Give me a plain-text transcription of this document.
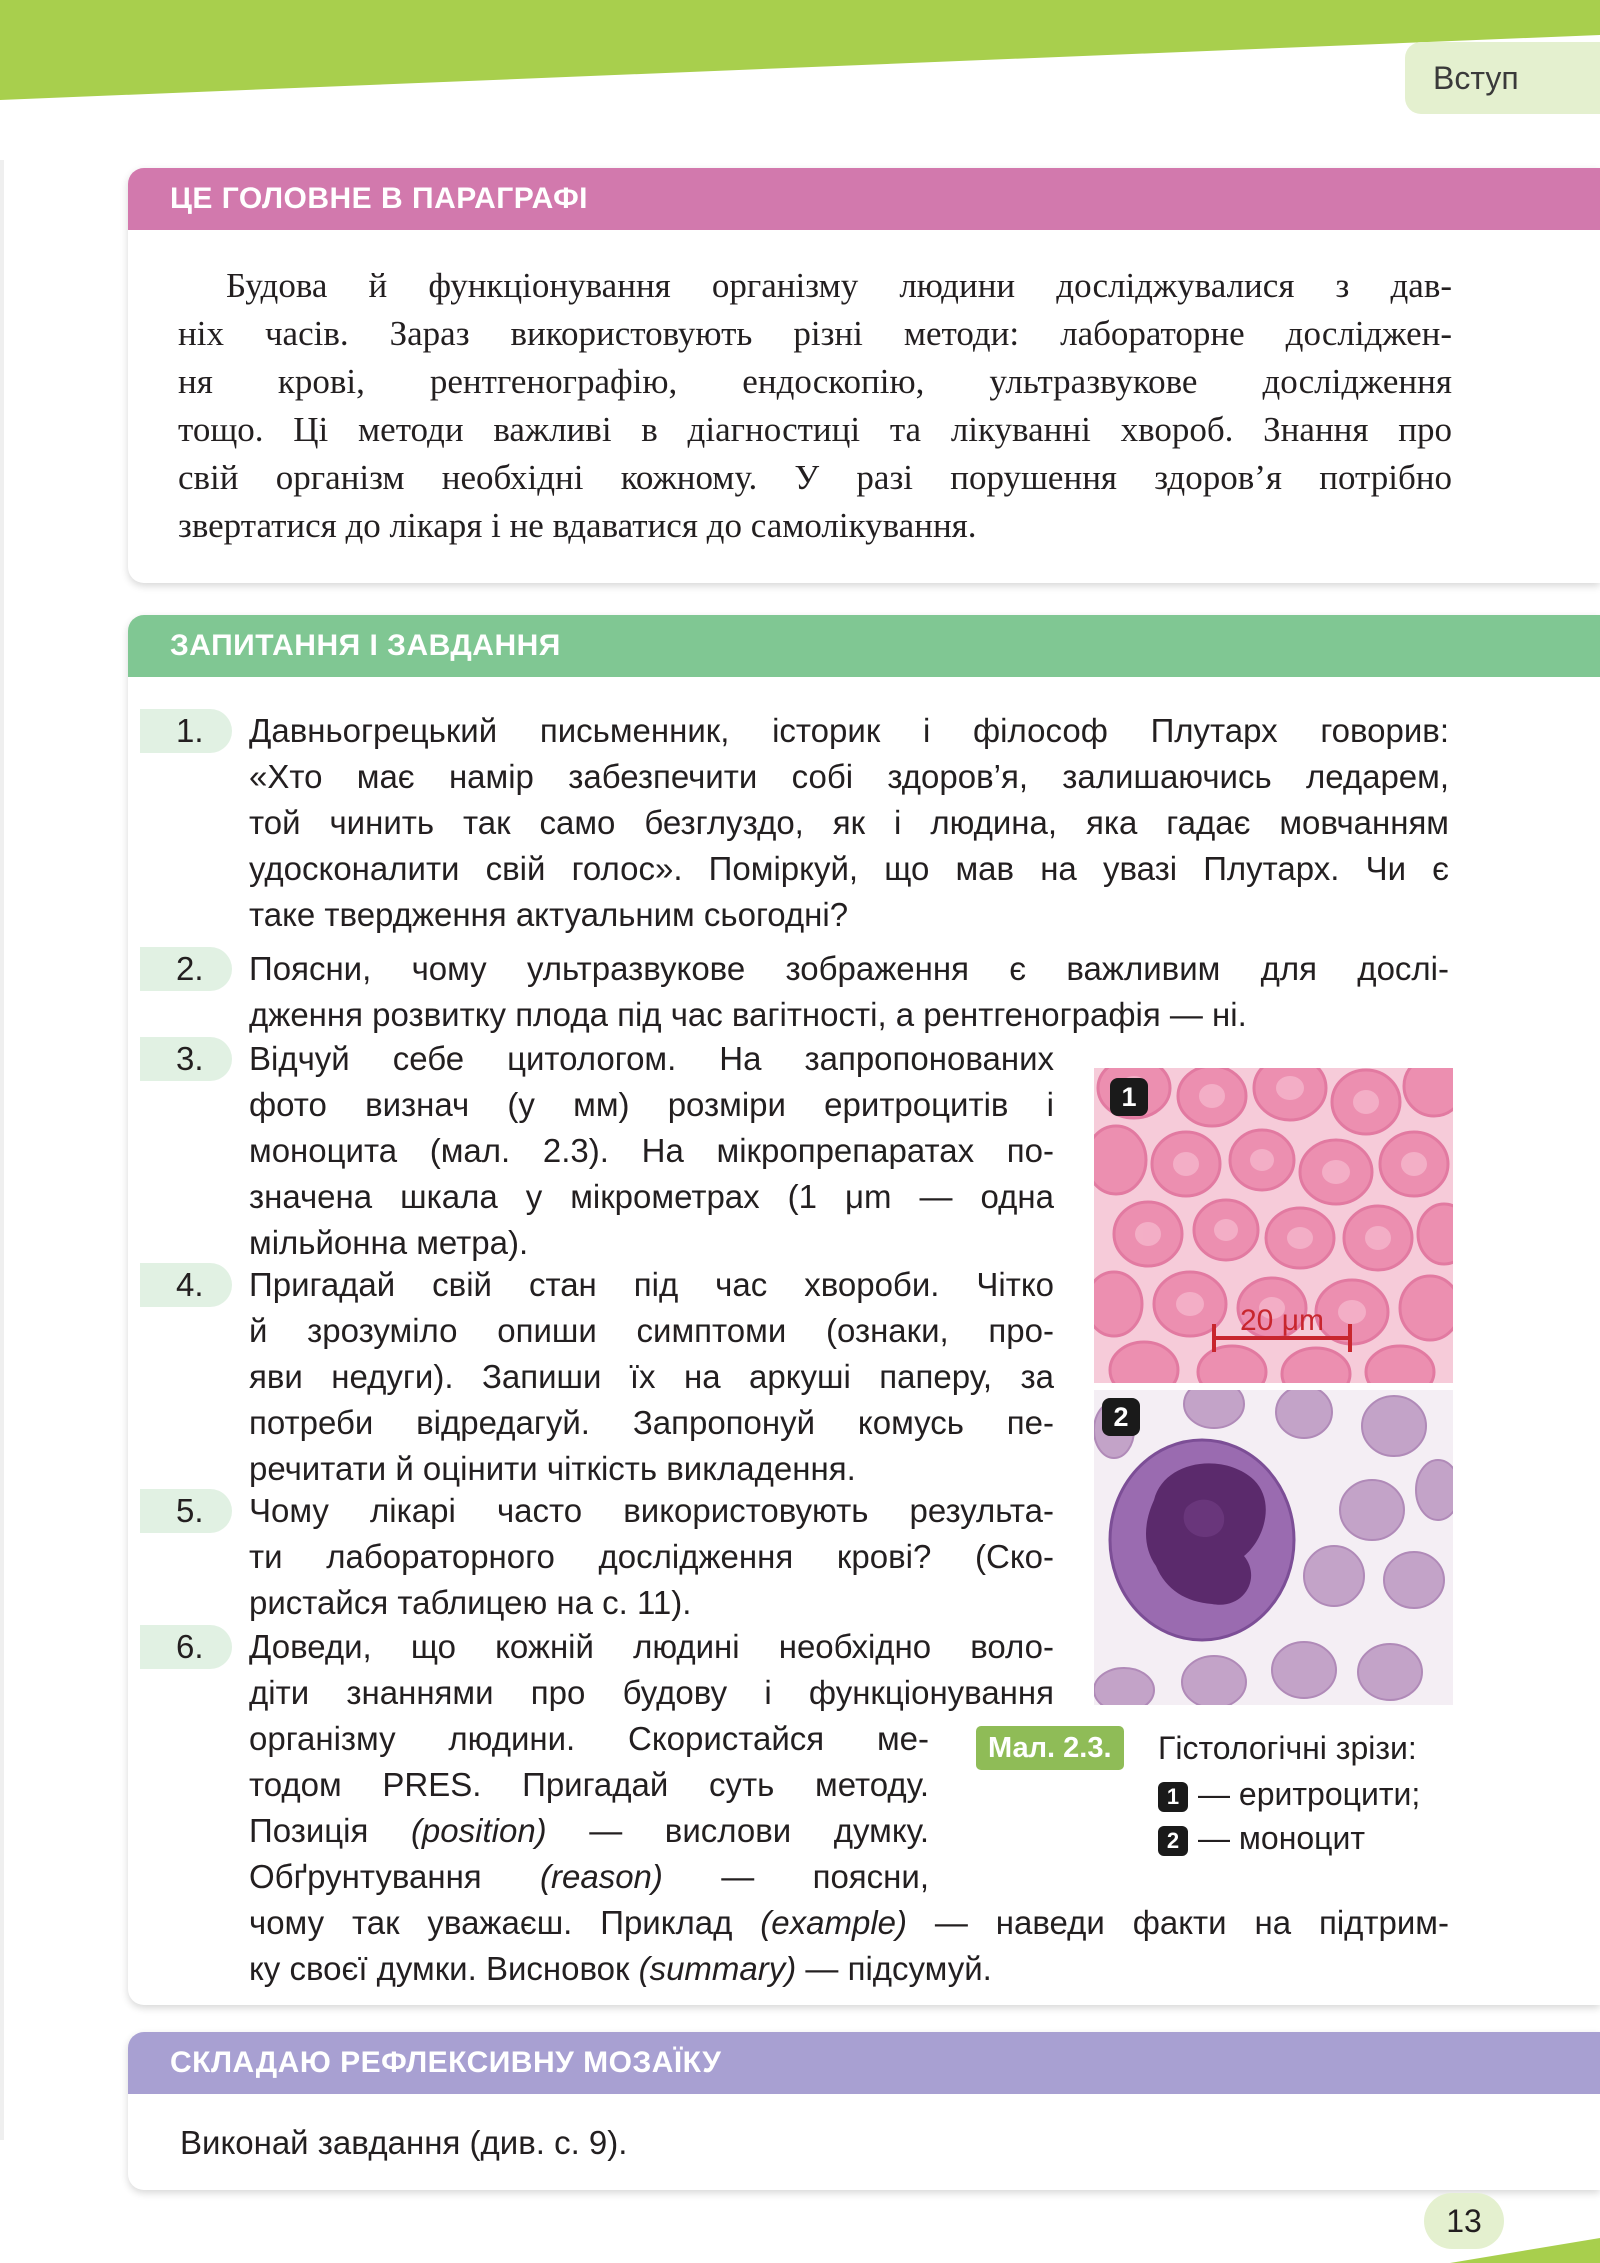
Вступ
ЦЕ ГОЛОВНЕ В ПАРАГРАФІ
Будова й функціонування організму людини досліджувалися з дав-
ніх часів. Зараз використовують різні методи: лабораторне досліджен-
ня крові, рентгенографію, ендоскопію, ультразвукове дослідження
тощо. Ці методи важливі в діагностиці та лікуванні хвороб. Знання про
свій організм необхідні кожному. У разі порушення здоров’я потрібно
звертатися до лікаря і не вдаватися до самолікування.
ЗАПИТАННЯ І ЗАВДАННЯ
1.	Давньогрецький письменник, історик і філософ Плутарх говорив:
«Хто має намір забезпечити собі здоров’я, залишаючись ледарем,
той чинить так само безглуздо, як і людина, яка гадає мовчанням
удосконалити свій голос». Поміркуй, що мав на увазі Плутарх. Чи є
таке твердження актуальним сьогодні?
2.	Поясни, чому ультразвукове зображення є важливим для дослі-
дження розвитку плода під час вагітності, а рентгенографія — ні.
3.	Відчуй себе цитологом. На запропонованих
фото визнач (у мм) розміри еритроцитів і
моноцита (мал. 2.3). На мікропрепаратах по-
значена шкала у мікрометрах (1 μm — одна
мільйонна метра).
4.	Пригадай свій стан під час хвороби. Чітко
й зрозуміло опиши симптоми (ознаки, про-
яви недуги). Запиши їх на аркуші паперу, за
потреби відредагуй. Запропонуй комусь пе-
речитати й оцінити чіткість викладення.
5.	Чому лікарі часто використовують результа-
ти лабораторного дослідження крові? (Ско-
ристайся таблицею на с. 11).
6.	Доведи, що кожній людині необхідно воло-
діти знаннями про будову і функціонування
організму людини. Скористайся ме-
тодом PRES. Пригадай суть методу.
Позиція (position) — вислови думку.
Обґрунтування (reason) — поясни,
чому так уважаєш. Приклад (example) — наведи факти на підтрим-
ку своєї думки. Висновок (summary) — підсумуй.
20 μm
1
2
Мал. 2.3.	Гістологічні зрізи:
1 — еритроцити;
2 — моноцит
СКЛАДАЮ РЕФЛЕКСИВНУ МОЗАЇКУ
Виконай завдання (див. с. 9).
13
